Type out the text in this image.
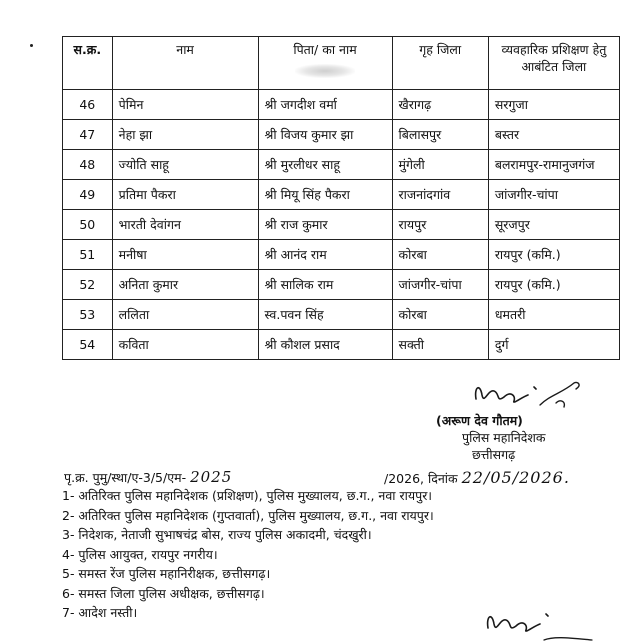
स.क्र.	नाम	पिता/ का नाम	गृह जिला	व्यवहारिक प्रशिक्षण हेतु आबंटित जिला
46	पेमिन	श्री जगदीश वर्मा	खैरागढ़	सरगुजा
47	नेहा झा	श्री विजय कुमार झा	बिलासपुर	बस्तर
48	ज्योति साहू	श्री मुरलीधर साहू	मुंगेली	बलरामपुर-रामानुजगंज
49	प्रतिमा पैकरा	श्री मियू सिंह पैकरा	राजनांदगांव	जांजगीर-चांपा
50	भारती देवांगन	श्री राज कुमार	रायपुर	सूरजपुर
51	मनीषा	श्री आनंद राम	कोरबा	रायपुर (कमि.)
52	अनिता कुमार	श्री सालिक राम	जांजगीर-चांपा	रायपुर (कमि.)
53	ललिता	स्व.पवन सिंह	कोरबा	धमतरी
54	कविता	श्री कौशल प्रसाद	सक्ती	दुर्ग
(अरूण देव गौतम)
पुलिस महानिदेशक
छत्तीसगढ़
पृ.क्र. पुमु/स्था/ए-3/5/एम- 2025	/2026, दिनांक 22/05/2026.
1- अतिरिक्त पुलिस महानिदेशक (प्रशिक्षण), पुलिस मुख्यालय, छ.ग., नवा रायपुर।
2- अतिरिक्त पुलिस महानिदेशक (गुप्तवार्ता), पुलिस मुख्यालय, छ.ग., नवा रायपुर।
3- निदेशक, नेताजी सुभाषचंद्र बोस, राज्य पुलिस अकादमी, चंदखुरी।
4- पुलिस आयुक्त, रायपुर नगरीय।
5- समस्त रेंज पुलिस महानिरीक्षक, छत्तीसगढ़।
6- समस्त जिला पुलिस अधीक्षक, छत्तीसगढ़।
7- आदेश नस्ती।
